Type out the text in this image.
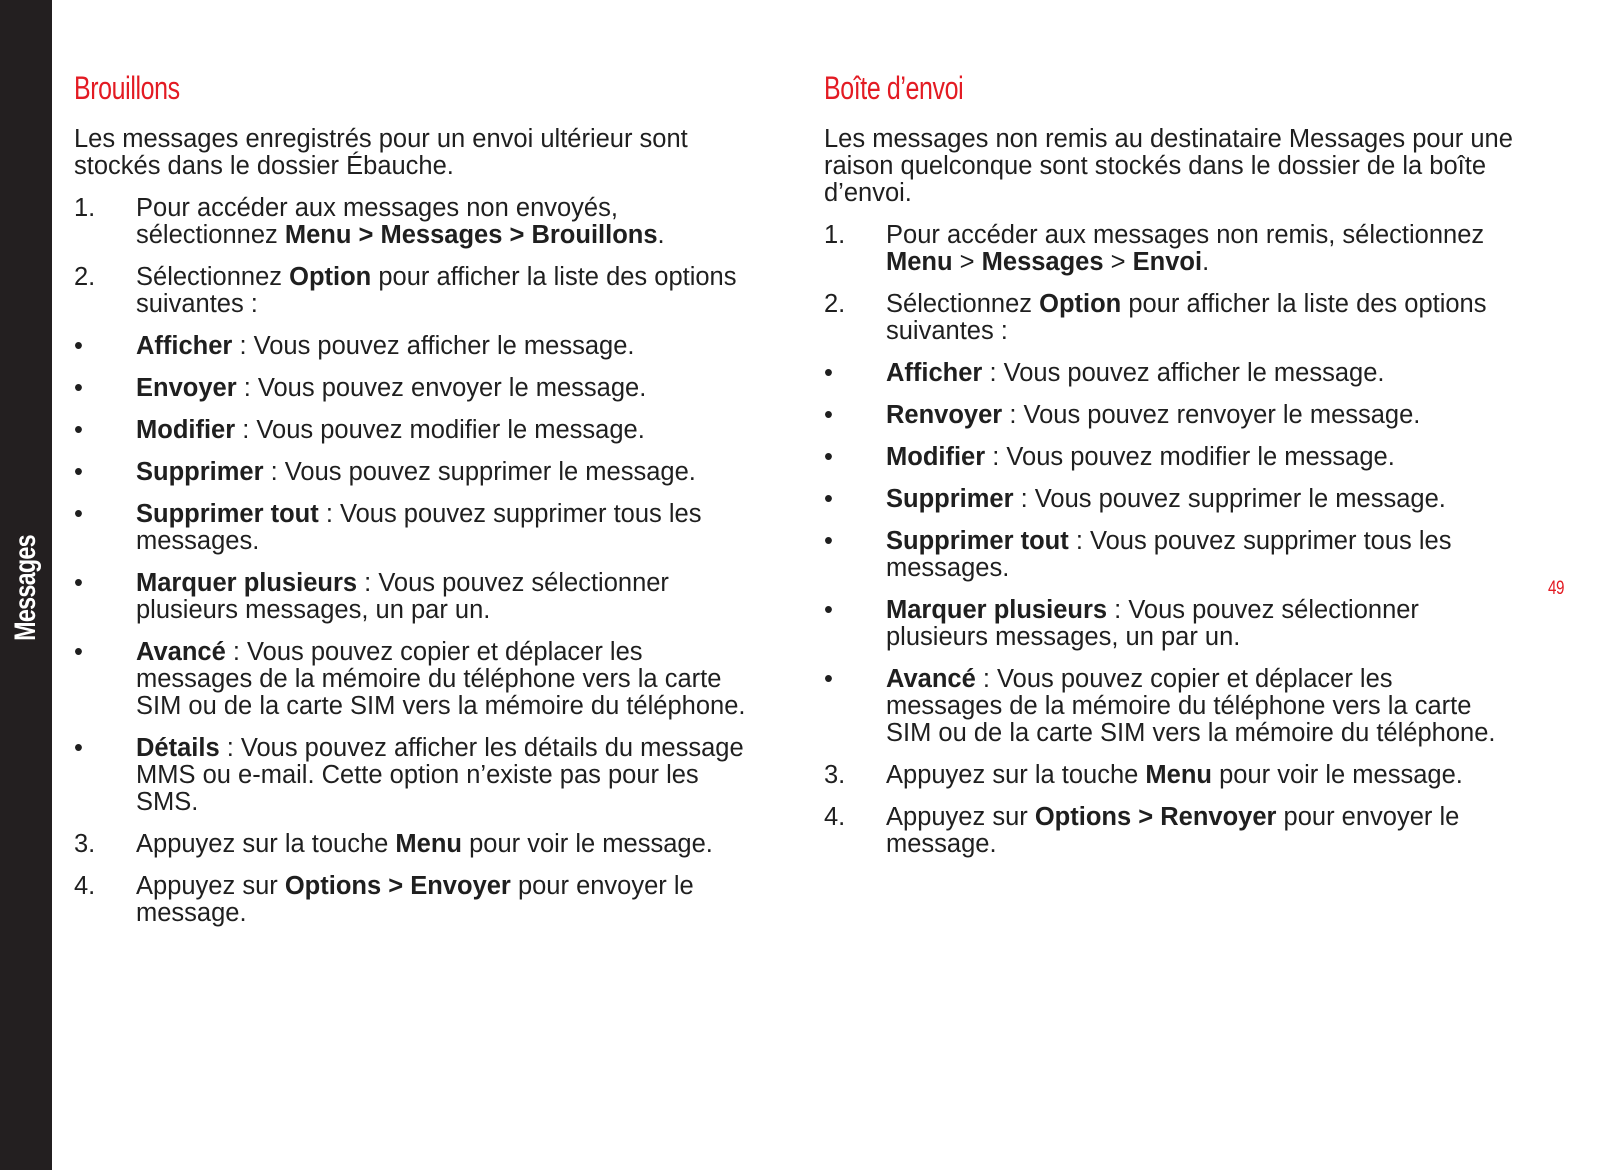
Messages	49
Brouillons

Les messages enregistrés pour un envoi ultérieur sont stockés dans le dossier Ébauche.

1.	Pour accéder aux messages non envoyés, sélectionnez Menu > Messages > Brouillons.
2.	Sélectionnez Option pour afficher la liste des options suivantes :
•	Afficher : Vous pouvez afficher le message.
•	Envoyer : Vous pouvez envoyer le message.
•	Modifier : Vous pouvez modifier le message.
•	Supprimer : Vous pouvez supprimer le message.
•	Supprimer tout : Vous pouvez supprimer tous les messages.
•	Marquer plusieurs : Vous pouvez sélectionner plusieurs messages, un par un.
•	Avancé : Vous pouvez copier et déplacer les messages de la mémoire du téléphone vers la carte SIM ou de la carte SIM vers la mémoire du téléphone.
•	Détails : Vous pouvez afficher les détails du message MMS ou e-mail. Cette option n’existe pas pour les SMS.
3.	Appuyez sur la touche Menu pour voir le message.
4.	Appuyez sur Options > Envoyer pour envoyer le message.
Boîte d’envoi

Les messages non remis au destinataire Messages pour une raison quelconque sont stockés dans le dossier de la boîte d’envoi.

1.	Pour accéder aux messages non remis, sélectionnez Menu > Messages > Envoi.
2.	Sélectionnez Option pour afficher la liste des options suivantes :
•	Afficher : Vous pouvez afficher le message.
•	Renvoyer : Vous pouvez renvoyer le message.
•	Modifier : Vous pouvez modifier le message.
•	Supprimer : Vous pouvez supprimer le message.
•	Supprimer tout : Vous pouvez supprimer tous les messages.
•	Marquer plusieurs : Vous pouvez sélectionner plusieurs messages, un par un.
•	Avancé : Vous pouvez copier et déplacer les messages de la mémoire du téléphone vers la carte SIM ou de la carte SIM vers la mémoire du téléphone.
3.	Appuyez sur la touche Menu pour voir le message.
4.	Appuyez sur Options > Renvoyer pour envoyer le message.
